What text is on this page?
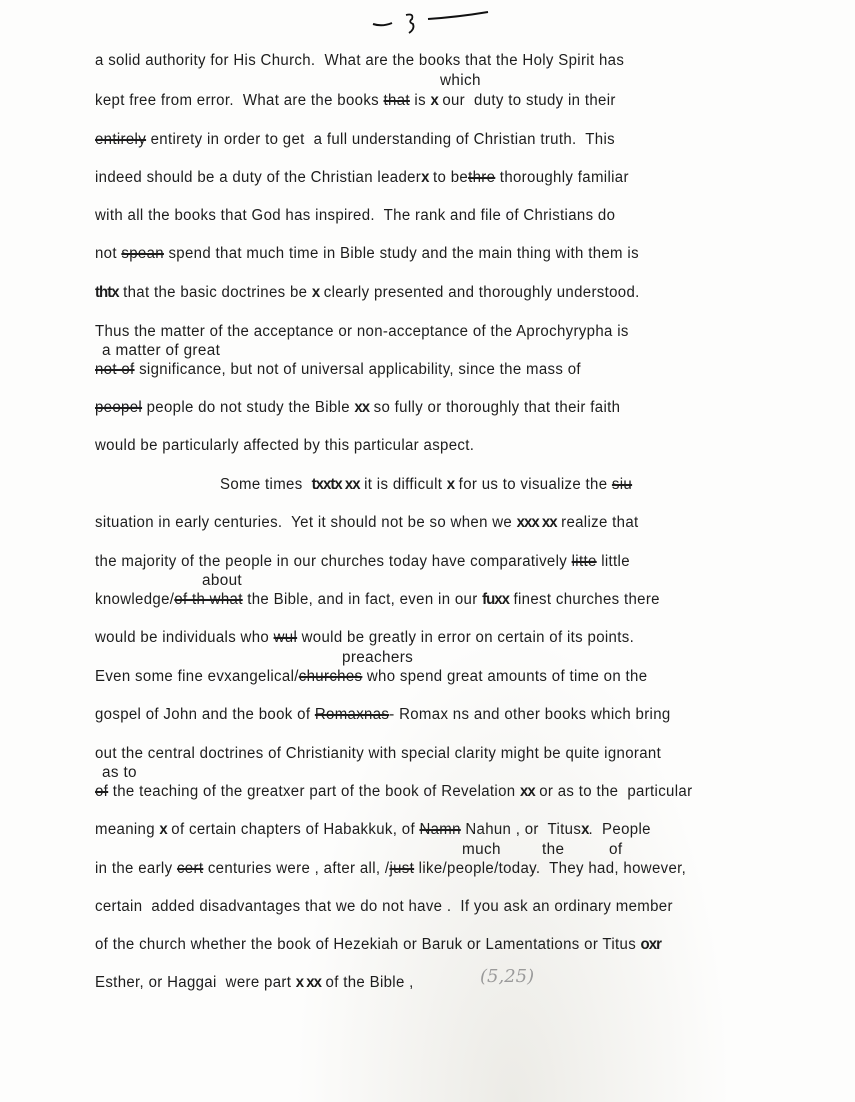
a solid authority for His Church.  What are the books that the Holy Spirit has
which
kept free from error.  What are the books that is x our  duty to study in their
entirely entirety in order to get  a full understanding of Christian truth.  This
indeed should be a duty of the Christian leaderx to bethre thoroughly familiar
with all the books that God has inspired.  The rank and file of Christians do
not spean spend that much time in Bible study and the main thing with them is
thtx that the basic doctrines be x clearly presented and thoroughly understood.
Thus the matter of the acceptance or non-acceptance of the Aprochyrypha is
a matter of great
not of significance, but not of universal applicability, since the mass of
peopel people do not study the Bible xx so fully or thoroughly that their faith
would be particularly affected by this particular aspect.
Some times  txxtx xx it is difficult x for us to visualize the siu
situation in early centuries.  Yet it should not be so when we xxx xx realize that
the majority of the people in our churches today have comparatively litte little
about
knowledge/of th what the Bible, and in fact, even in our fuxx finest churches there
would be individuals who wul would be greatly in error on certain of its points.
preachers
Even some fine evxangelical/churches who spend great amounts of time on the
gospel of John and the book of Romaxnas- Romax ns and other books which bring
out the central doctrines of Christianity with special clarity might be quite ignorant
as to
of the teaching of the greatxer part of the book of Revelation xx or as to the  particular
meaning x of certain chapters of Habakkuk, of Namn Nahun , or  Titusx.  People
much	the	of
in the early cert centuries were , after all, /just like/people/today.  They had, however,
certain  added disadvantages that we do not have .  If you ask an ordinary member
of the church whether the book of Hezekiah or Baruk or Lamentations or Titus oxr
Esther, or Haggai  were part x xx of the Bible ,	(5,25)
